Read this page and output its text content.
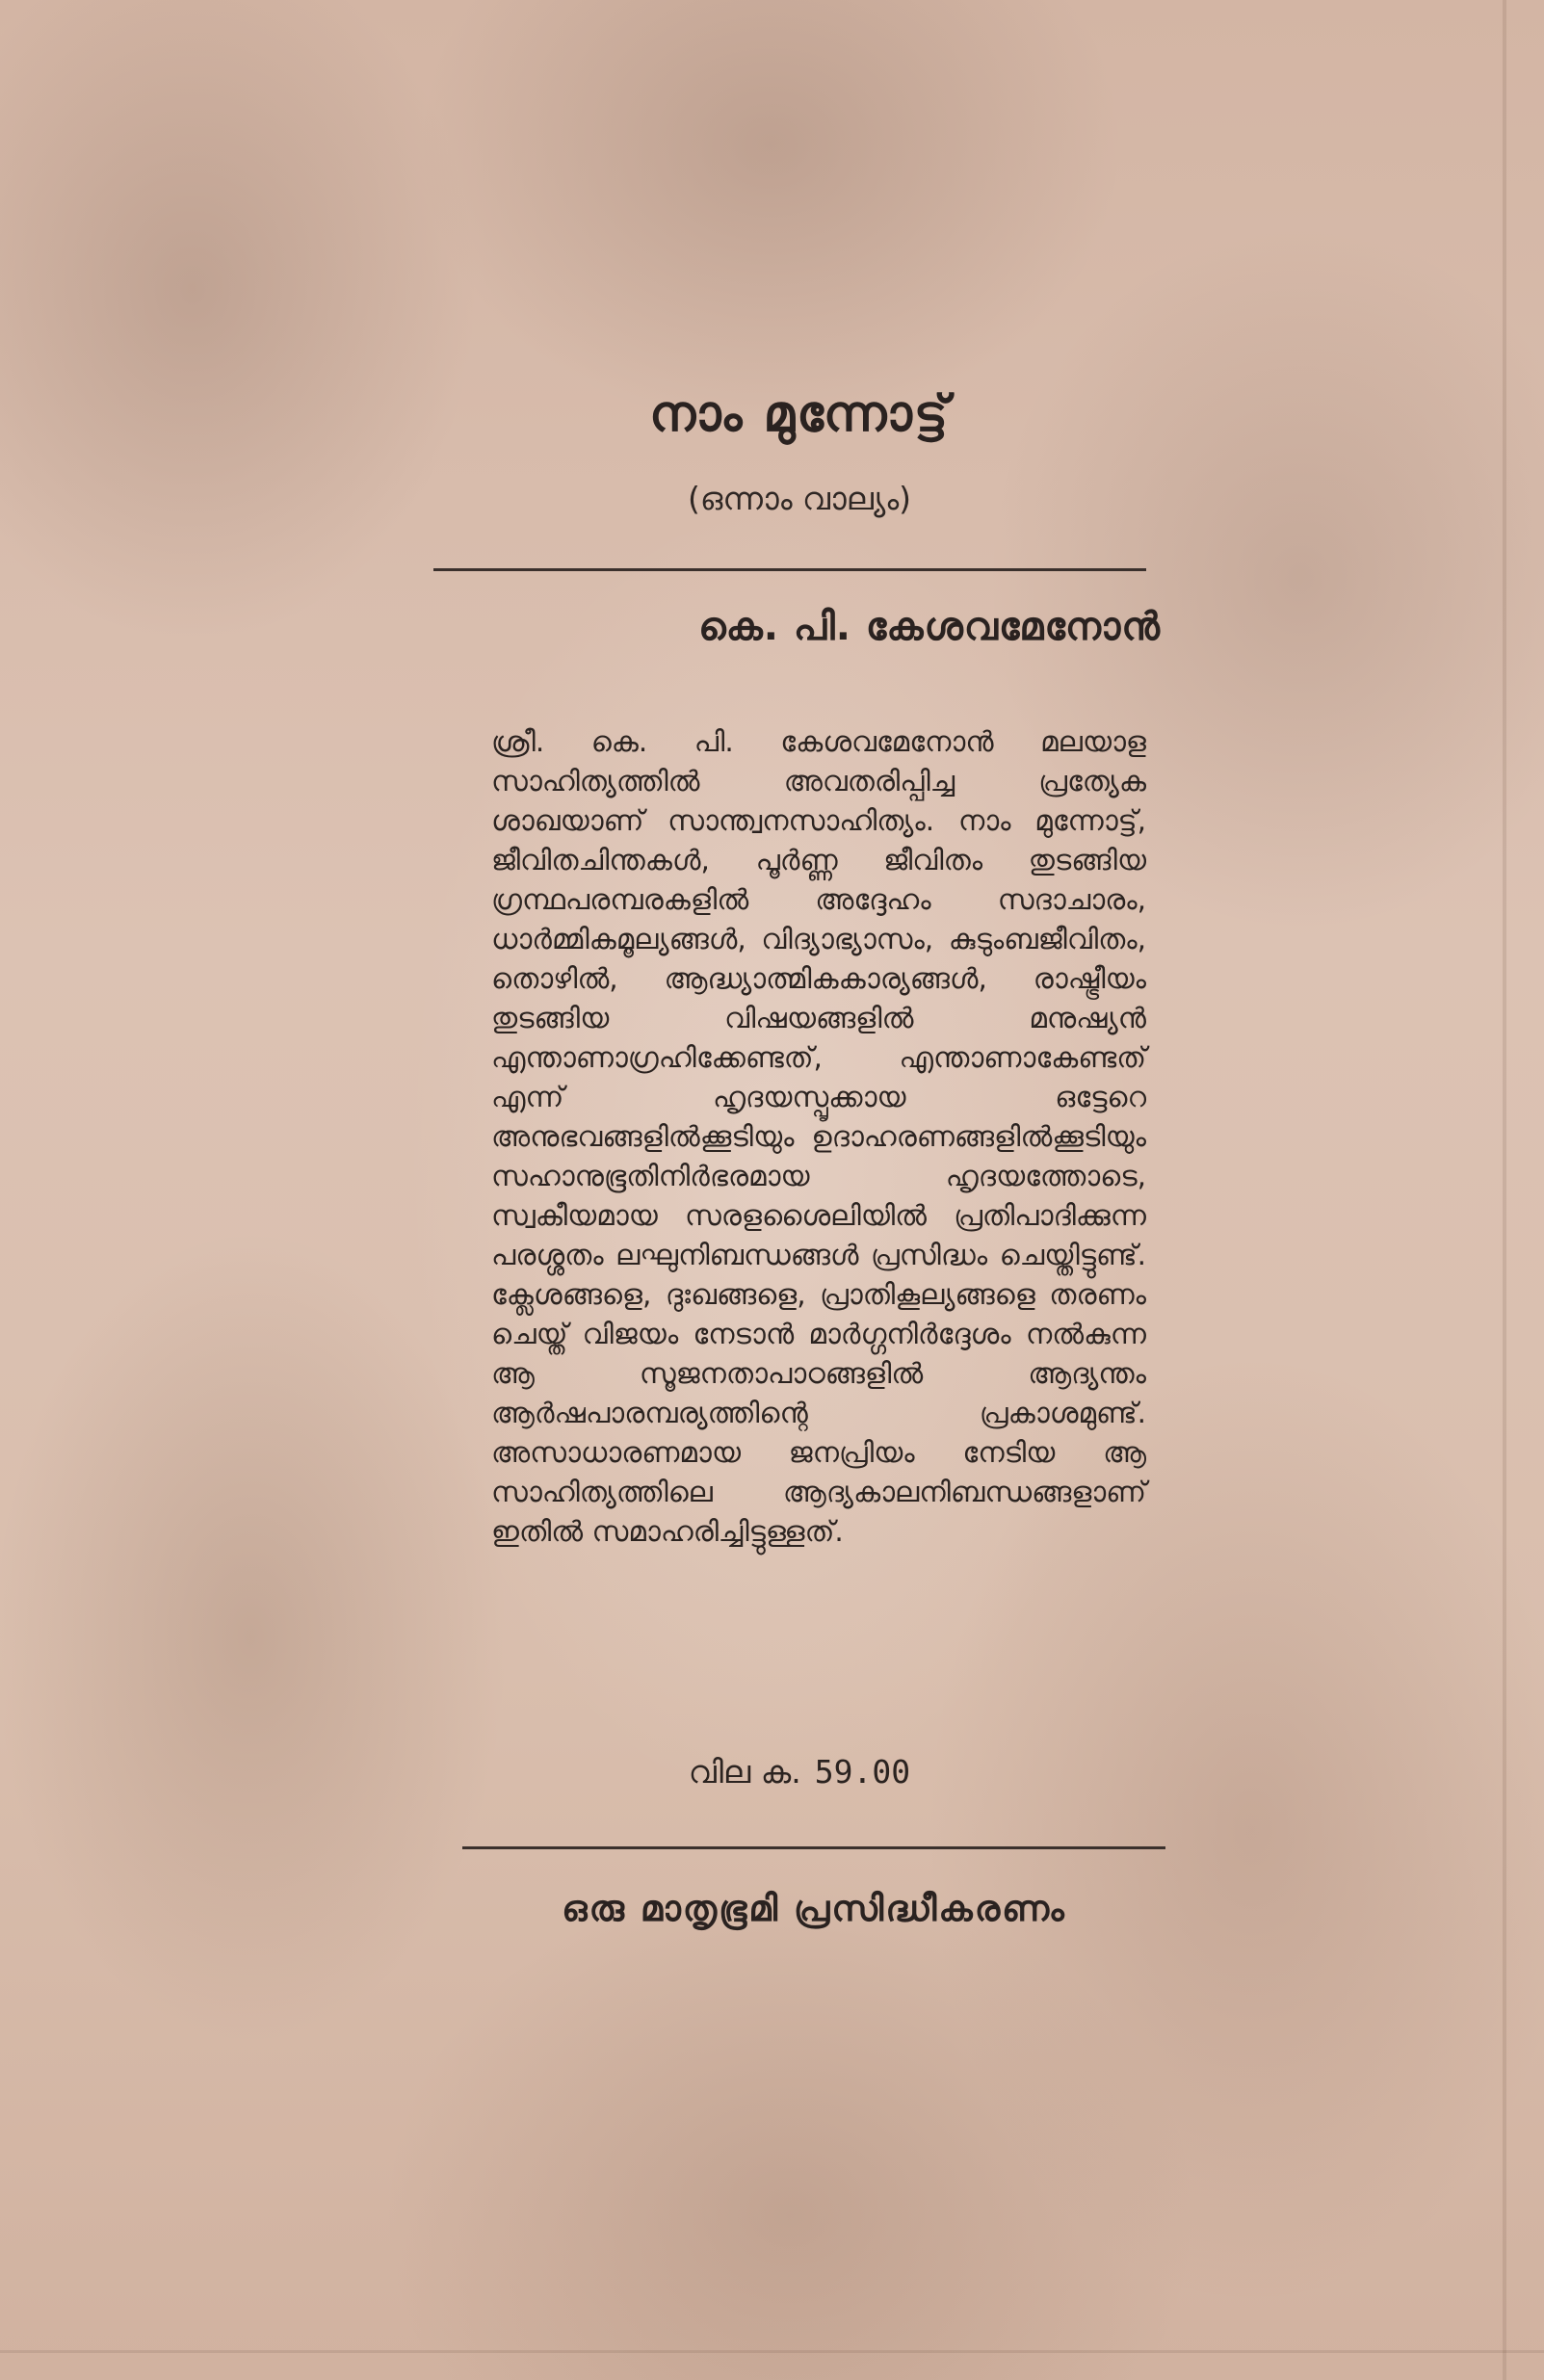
നാം മുന്നോട്ട്
(ഒന്നാം വാല്യം)
കെ. പി. കേശവമേനോൻ

ശ്രീ. കെ. പി. കേശവമേനോൻ മലയാള സാഹിത്യത്തിൽ അവതരിപ്പിച്ച പ്രത്യേക ശാഖയാണ് സാന്ത്വനസാഹിത്യം. നാം മുന്നോട്ട്, ജീവിതചിന്തകൾ, പൂർണ്ണ ജീവിതം തുടങ്ങിയ ഗ്രന്ഥപരമ്പരകളിൽ അദ്ദേഹം സദാചാരം, ധാർമ്മികമൂല്യങ്ങൾ, വിദ്യാഭ്യാസം, കുടുംബജീവിതം, തൊഴിൽ, ആദ്ധ്യാത്മികകാര്യങ്ങൾ, രാഷ്ട്രീയം തുടങ്ങിയ വിഷയങ്ങളിൽ മനുഷ്യൻ എന്താണാഗ്രഹിക്കേണ്ടത്, എന്താണാകേണ്ടത് എന്ന് ഹൃദയസ്പൃക്കായ ഒട്ടേറെ അനുഭവങ്ങളിൽക്കൂടിയും ഉദാഹരണങ്ങളിൽക്കൂടിയും സഹാനുഭൂതിനിർഭരമായ ഹൃദയത്തോടെ, സ്വകീയമായ സരളശൈലിയിൽ പ്രതിപാദിക്കുന്ന പരശ്ശതം ലഘുനിബന്ധങ്ങൾ പ്രസിദ്ധം ചെയ്തിട്ടുണ്ട്. ക്ലേശങ്ങളെ, ദുഃഖങ്ങളെ, പ്രാതികൂല്യങ്ങളെ തരണം ചെയ്ത് വിജയം നേടാൻ മാർഗ്ഗനിർദ്ദേശം നൽകുന്ന ആ സൂജനതാപാഠങ്ങളിൽ ആദ്യന്തം ആർഷപാരമ്പര്യത്തിന്റെ പ്രകാശമുണ്ട്. അസാധാരണമായ ജനപ്രിയം നേടിയ ആ സാഹിത്യത്തിലെ ആദ്യകാലനിബന്ധങ്ങളാണ് ഇതിൽ സമാഹരിച്ചിട്ടുള്ളത്.

വില ക. 59.00
ഒരു മാതൃഭൂമി പ്രസിദ്ധീകരണം
